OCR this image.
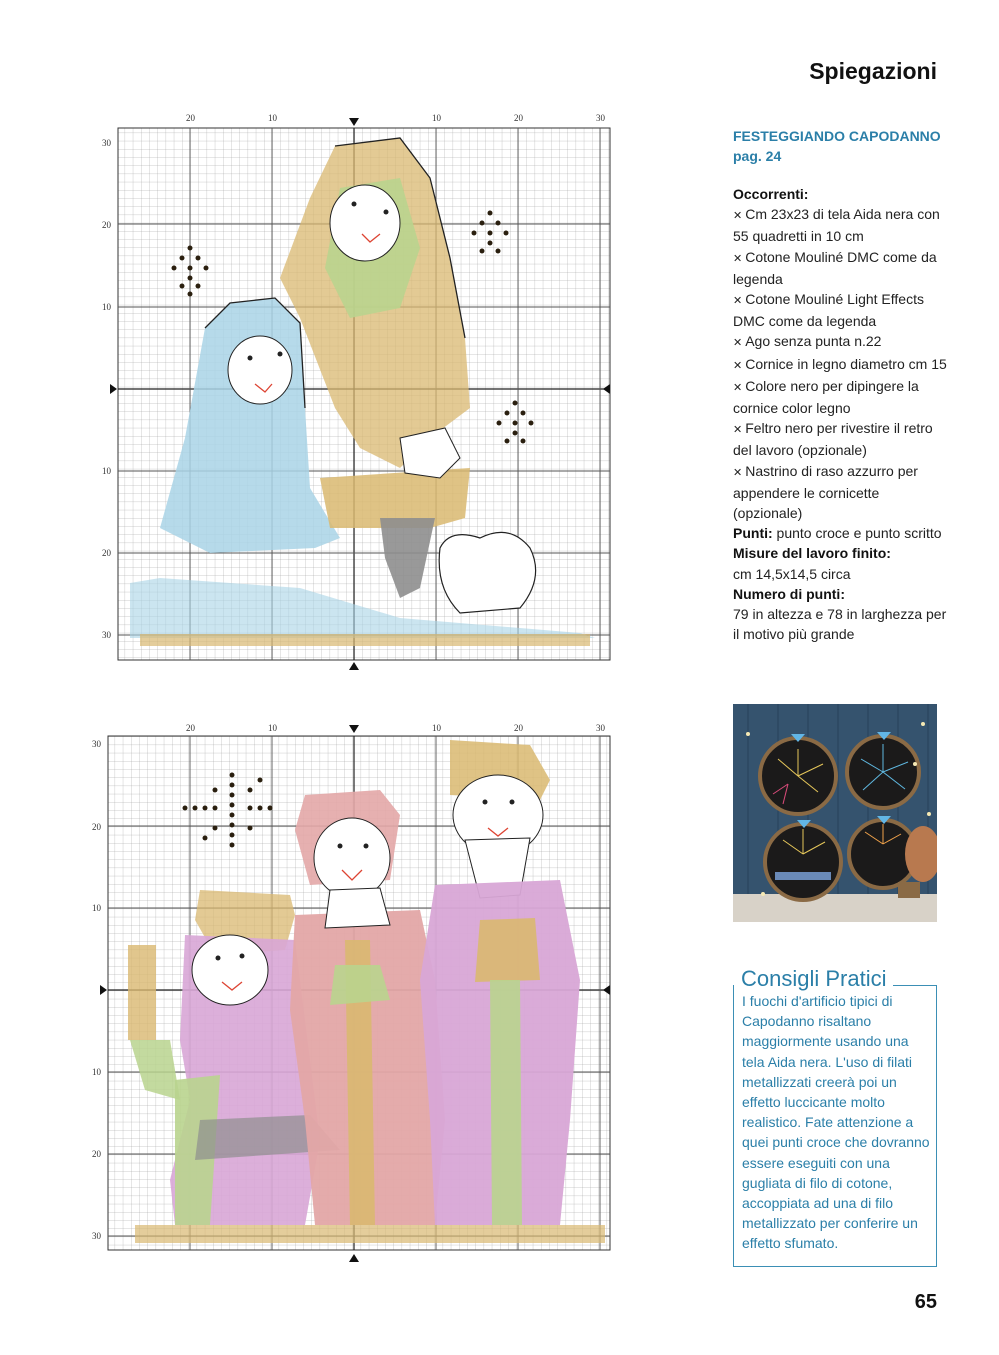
Spiegazioni
20	10	10	20	30
30
20
10
10
20
30
20	10	10	20	30
30
20
10
10
20
30
FESTEGGIANDO CAPODANNO
pag. 24
Occorrenti:
✕ Cm 23x23 di tela Aida nera con 55 quadretti in 10 cm
✕ Cotone Mouliné DMC come da legenda
✕ Cotone Mouliné Light Effects DMC come da legenda
✕ Ago senza punta n.22
✕ Cornice in legno diametro cm 15
✕ Colore nero per dipingere la cornice color legno
✕ Feltro nero per rivestire il retro del lavoro (opzionale)
✕ Nastrino di raso azzurro per appendere le cornicette (opzionale)
Punti: punto croce e punto scritto
Misure del lavoro finito:
cm 14,5x14,5 circa
Numero di punti:
79 in altezza e 78 in larghezza per il motivo più grande
Consigli Pratici
I fuochi d'artificio tipici di Capodanno risaltano maggiormente usando una tela Aida nera. L'uso di filati metallizzati creerà poi un effetto luccicante molto realistico. Fate attenzione a quei punti croce che dovranno essere eseguiti con una gugliata di filo di cotone, accoppiata ad una di filo metallizzato per conferire un effetto sfumato.
65
